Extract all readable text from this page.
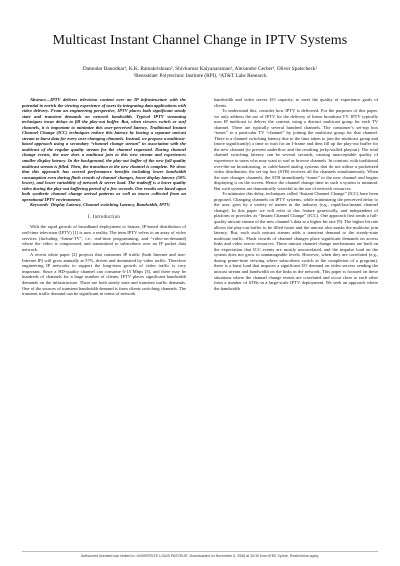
Multicast Instant Channel Change in IPTV Systems
Damodar Banodkar¹, K.K. Ramakrishnan², Shivkumar Kalyanaraman¹, Alexandre Gerber², Oliver Spatscheck²
¹Rensselaer Polytechnic Institute (RPI), ²AT&T Labs Research

Abstract—IPTV delivers television content over an IP infrastructure with the potential to enrich the viewing experience of users by integrating data applications with video delivery. From an engineering perspective, IPTV places both significant steady state and transient demands on network bandwidth. Typical IPTV streaming techniques incur delays to fill the play-out buffer. But, when viewers switch or surf channels, it is important to minimize this user-perceived latency. Traditional Instant Channel Change (ICC) techniques reduce this latency by having a separate unicast stream to burst data for every user changing channels. Instead, we propose a multicast-based approach using a secondary “channel change stream” in association with the multicast of the regular quality stream for the channel requested. During channel change events, the user does a multicast join to this new stream and experiences smaller display latency. In the background, the play-out buffer of the new full-quality multicast stream is filled. Then, the transition to the new channel is complete. We show that this approach has several performance benefits including lower bandwidth consumption even during flash crowds of channel changes, lower display latency (50% lower), and lower variability of network & server load. The tradeoff is a lower quality video during the play-out buffering period of a few seconds. Our results are based upon both synthetic channel change arrival patterns as well as traces collected from an operational IPTV environment.

Keywords- Display Latency, Channel switching Latency, Bandwidth, IPTV.

I. Introduction

With the rapid growth of broadband deployment to homes, IP-based distribution of real-time television (IPTV) [1] is now a reality. The term IPTV refers to an array of video services (including “linear-TV”, i.e., real-time programming, and “video-on-demand) where the video is compressed, and transmitted to subscribers over an IP packet data network.

A recent white paper [2] projects that consumer IP traffic (both Internet and non-Internet IP) will grow annually at 57%, driven and dominated by video traffic. Therefore engineering IP networks to support the long-term growth of video traffic is very important. Since a HD-quality channel can consume 6-15 Mbps [3], and there may be hundreds of channels for a large number of clients, IPTV places significant bandwidth demands on the infrastructure. There are both steady state and transient traffic demands. One of the sources of transient bandwidth demand is from clients switching channels. The transient traffic demand can be significant in terms of network

bandwidth and video server I/O capacity, to meet the quality of experience goals of clients.

To understand this, consider how IPTV is delivered. For the purposes of this paper, we only address the use of IPTV for the delivery of linear broadcast TV. IPTV typically uses IP multicast to deliver the content, using a distinct multicast group for each TV channel. There are typically several hundred channels. The consumer’s set-top box “tunes” to a particular TV “channel” by joining the multicast group for that channel. There is a channel switching latency due to the time taken to join the multicast group and (more significantly) a time to wait for an I-frame and then fill up the play-out buffer for the new channel (to prevent underflow and the resulting jerky/stalled playout). The total channel switching latency can be several seconds, causing unacceptable quality of experience to users who may want to surf or browse channels. In contrast, with traditional over-the-air broadcasting, or cable-based analog systems that do not utilize a packetized video distribution, the set top box (STB) receives all the channels simultaneously. When the user changes channels, the STB immediately “tunes” to the new channel and begins displaying it on the screen. Hence the channel change time in such a system is minimal. But such systems are dramatically wasteful in the use of network resources.

To minimize this delay, techniques called “Instant Channel Change” (ICC) have been proposed. Changing channels on IPTV systems, while minimizing the perceived delay to the user, goes by a variety of names in the industry (e.g., rapid/fast/instant channel change). In this paper we will refer to this feature generically, and independent of platform or provider, as “Instant Channel Change” (ICC). One approach first sends a full-quality unicast stream of the new channel’s data at a higher bit rate [9]. The higher bit rate allows the play-out buffer to be filled faster and the unicast also masks the multicast join latency. But, each such unicast stream adds a transient demand to the steady-state multicast traffic. Flash crowds of channel changes place significant demands on access links and video server resources. These unicast channel change mechanisms are built on the expectation that ICC events are mostly uncorrelated, and the impulse load on the system does not grow to unmanageable levels. However, when they are correlated (e.g., during prime-time viewing where subscribers switch at the completion of a program), there is a burst load that imposes a significant I/O demand on video servers sending the unicast stream and bandwidth on the links in the network. This paper is focused on these situations where the channel change events are correlated and occur close to each other from a number of STBs in a large-scale IPTV deployment. We seek an approach where the bandwidth

Authorized licensed use limited to: UNIVERSITE LOUIS PASTEUR. Downloaded on November 5, 2008 at 15:30 from IEEE Xplore. Restrictions apply.
